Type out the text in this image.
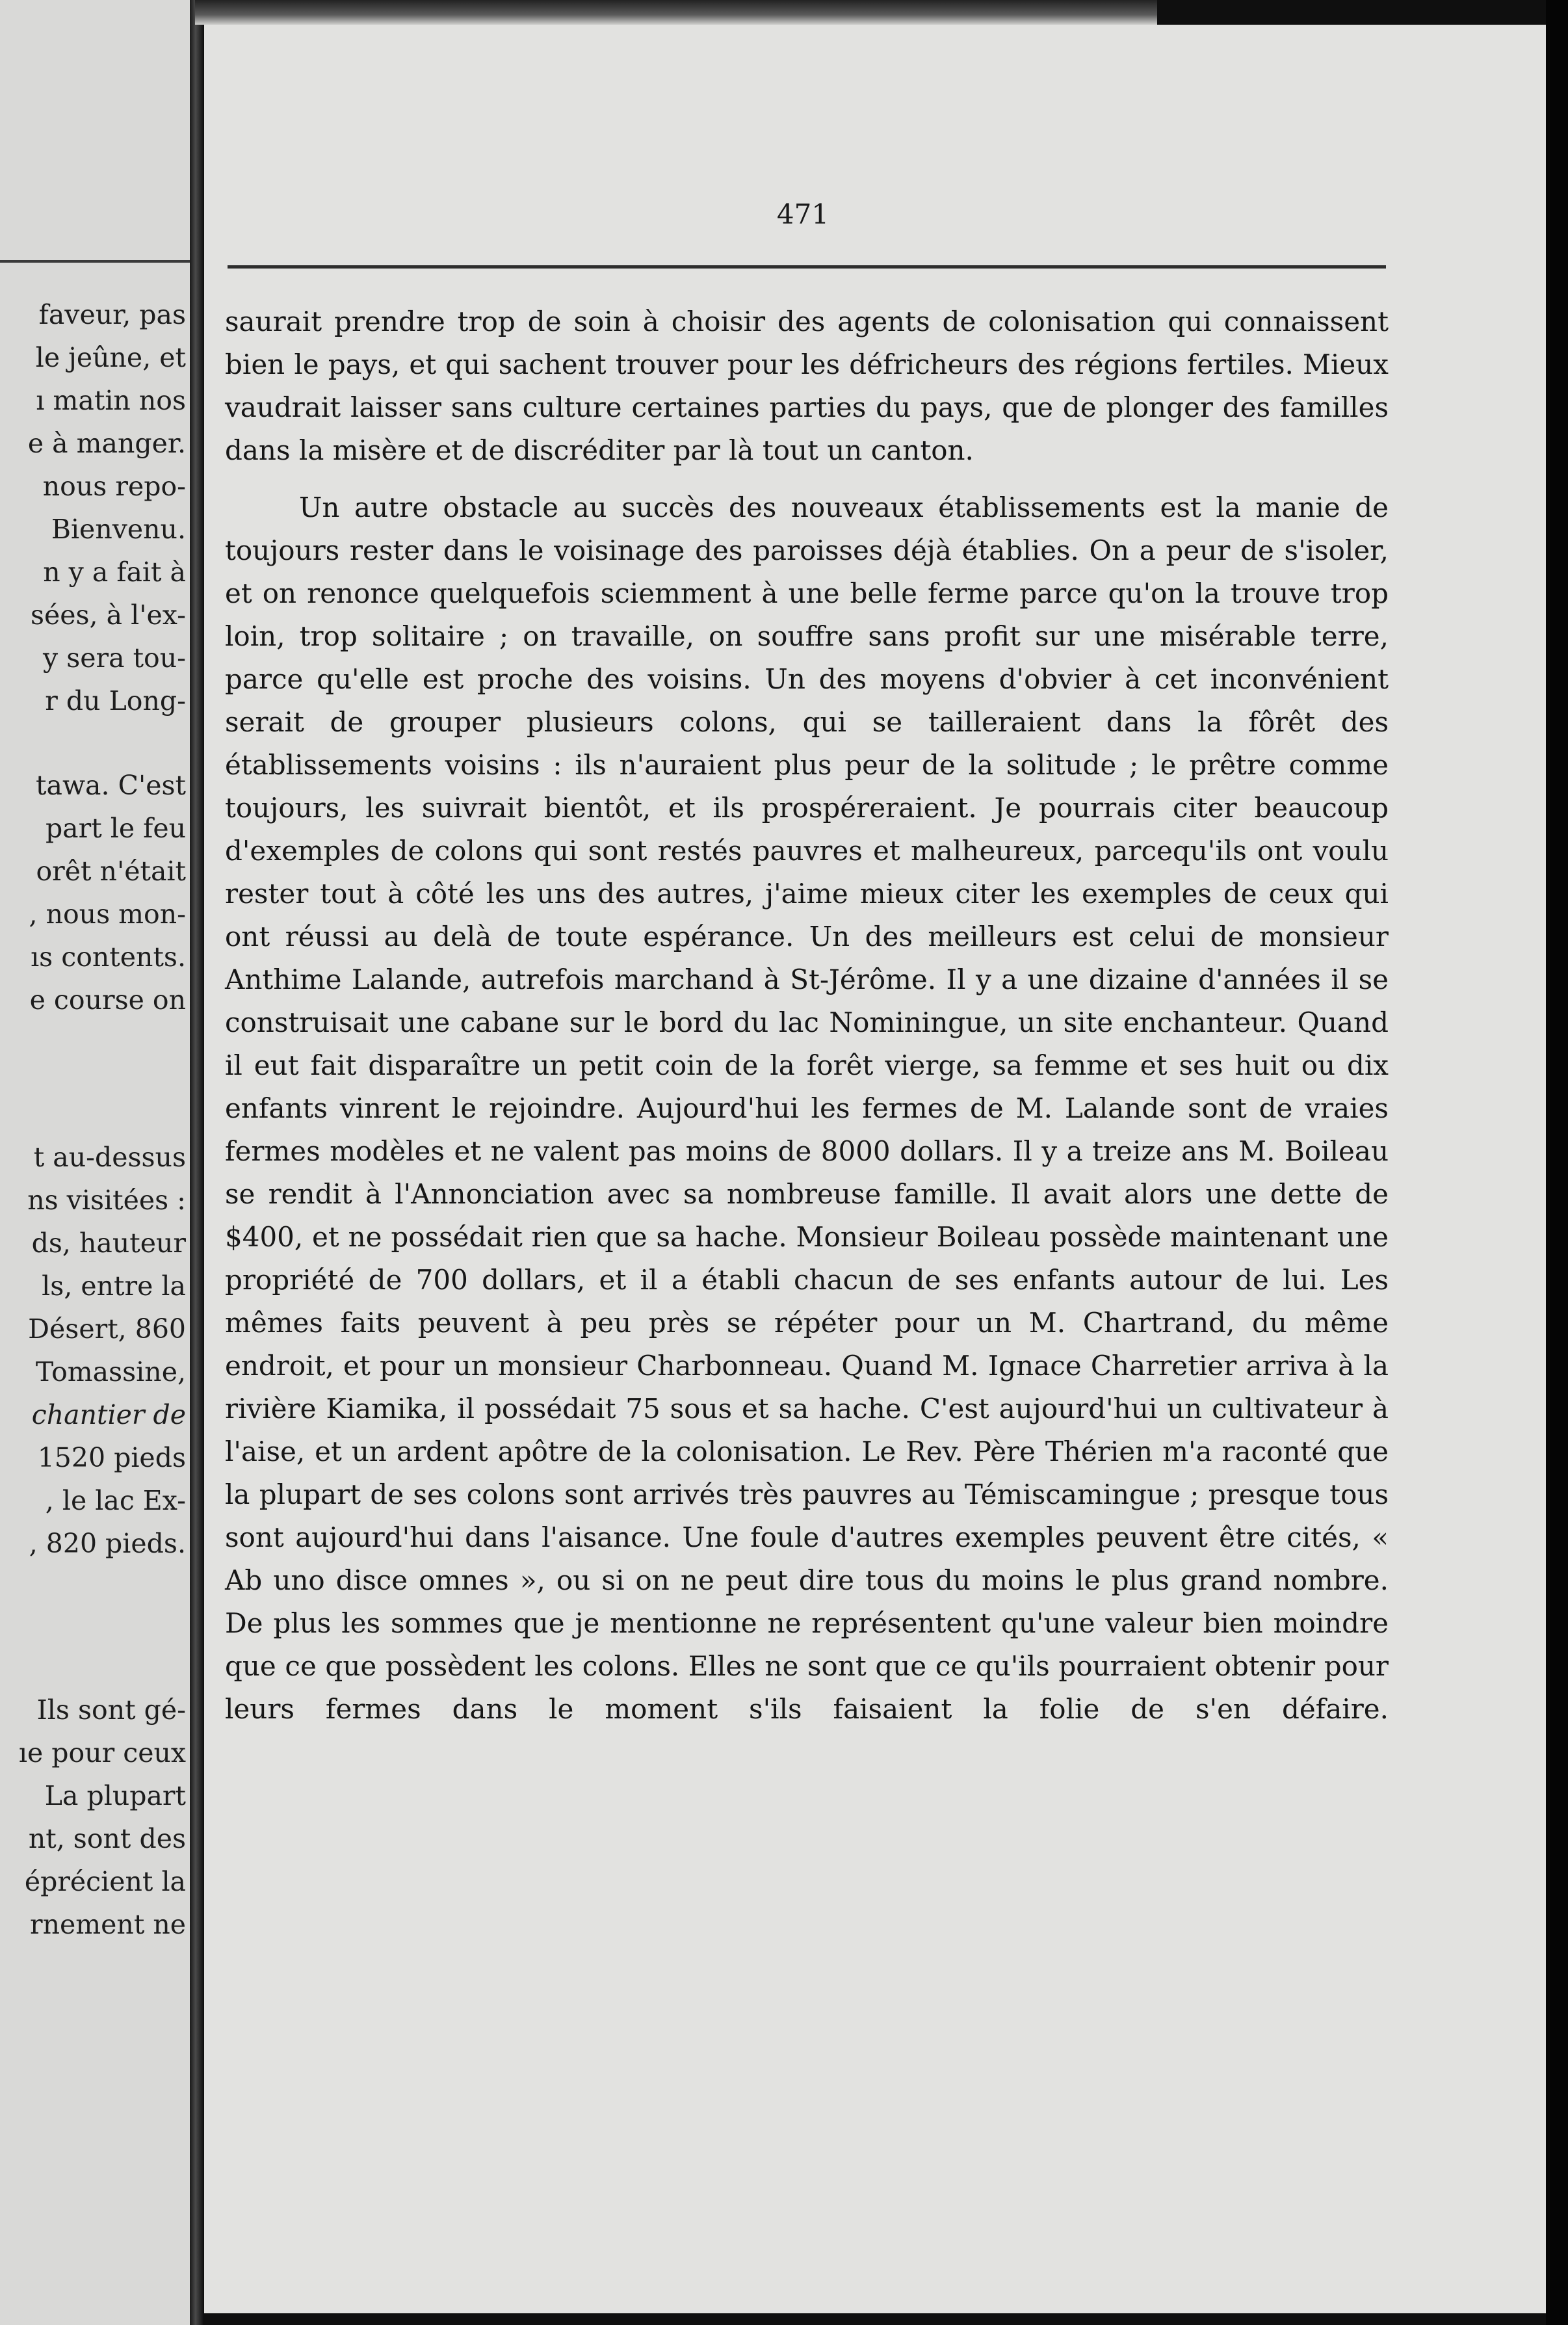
faveur, pas
le jeûne, et
ı matin nos
e à manger.
nous repo-
Bienvenu.
n y a fait à
sées, à l'ex-
y sera tou-
r du Long-
tawa. C'est
part le feu
orêt n'était
, nous mon-
ıs contents.
e course on
t au-dessus
ns visitées :
ds, hauteur
ls, entre la
Désert, 860
Tomassine,
chantier de
1520 pieds
, le lac Ex-
, 820 pieds.
Ils sont gé-
ıe pour ceux
La plupart
nt, sont des
éprécient la
rnement ne
471

saurait prendre trop de soin à choisir des agents de colonisation qui connaissent bien le pays, et qui sachent trouver pour les défricheurs des régions fertiles. Mieux vaudrait laisser sans culture certaines parties du pays, que de plonger des familles dans la misère et de discréditer par là tout un canton.

Un autre obstacle au succès des nouveaux établissements est la manie de toujours rester dans le voisinage des paroisses déjà établies. On a peur de s'isoler, et on renonce quelquefois sciemment à une belle ferme parce qu'on la trouve trop loin, trop solitaire ; on travaille, on souffre sans profit sur une misérable terre, parce qu'elle est proche des voisins. Un des moyens d'obvier à cet inconvénient serait de grouper plusieurs colons, qui se tailleraient dans la fôrêt des établissements voisins : ils n'auraient plus peur de la solitude ; le prêtre comme toujours, les suivrait bientôt, et ils prospéreraient. Je pourrais citer beaucoup d'exemples de colons qui sont restés pauvres et malheureux, parcequ'ils ont voulu rester tout à côté les uns des autres, j'aime mieux citer les exemples de ceux qui ont réussi au delà de toute espérance. Un des meilleurs est celui de monsieur Anthime Lalande, autrefois marchand à St-Jérôme. Il y a une dizaine d'années il se construisait une cabane sur le bord du lac Nominingue, un site enchanteur. Quand il eut fait disparaître un petit coin de la forêt vierge, sa femme et ses huit ou dix enfants vinrent le rejoindre. Aujourd'hui les fermes de M. Lalande sont de vraies fermes modèles et ne valent pas moins de 8000 dollars. Il y a treize ans M. Boileau se rendit à l'Annonciation avec sa nombreuse famille. Il avait alors une dette de $400, et ne possédait rien que sa hache. Monsieur Boileau possède maintenant une propriété de 700 dollars, et il a établi chacun de ses enfants autour de lui. Les mêmes faits peuvent à peu près se répéter pour un M. Chartrand, du même endroit, et pour un monsieur Charbonneau. Quand M. Ignace Charretier arriva à la rivière Kiamika, il possédait 75 sous et sa hache. C'est aujourd'hui un cultivateur à l'aise, et un ardent apôtre de la colonisation. Le Rev. Père Thérien m'a raconté que la plupart de ses colons sont arrivés très pauvres au Témiscamingue ; presque tous sont aujourd'hui dans l'aisance. Une foule d'autres exemples peuvent être cités, « Ab uno disce omnes », ou si on ne peut dire tous du moins le plus grand nombre. De plus les sommes que je mentionne ne représentent qu'une valeur bien moindre que ce que possèdent les colons. Elles ne sont que ce qu'ils pourraient obtenir pour leurs fermes dans le moment s'ils faisaient la folie de s'en défaire.
